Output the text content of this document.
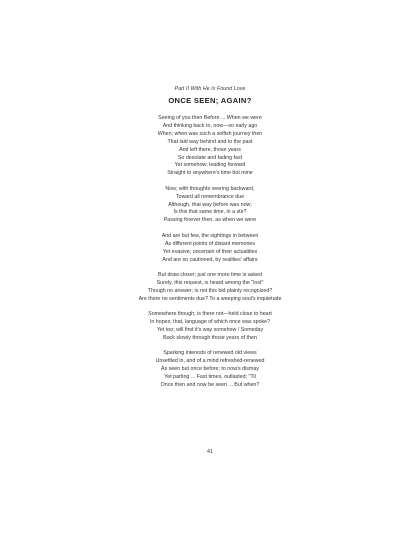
Part II With He Is Found Love
ONCE SEEN; AGAIN?
Seeing of you then Before ... When we were
And thinking back to, now—so early ago
When; when was such a selfish journey then
That laid way behind and to the past
And left there, those years
So desolate and fading fast
Yet somehow; leading forward
Straight to anywhere's time but mine
Now; with thoughts veering backward,
Toward all remembrance due
Although, that way before was now;
Is this that same time, in a stir?
Passing forever then, as when we were
And are but few, the sightings in between
As different points of distant memories
Yet evasive; uncertain of their actualities
And are so cautioned, by realities' affairs
But draw closer; just one more time is asked
Surely, this request, is heard among the "lost"
Though no answer; is not this bid plainly recognized?
Are there no sentiments due? To a weeping soul's inquietude
Somewhere though; is there not—held close to heart
In hopes; that, language of which once was spoke?
Yet too; will find it's way somehow / Someday
Back slowly through those years of then
Sparking interests of renewed old views
Unsettled in, and of a mind refreshed-renewed
As seen but once before; to now's dismay
Yet parting ... Fast times, outlasted; "Til
Once then and now be seen ... But when?
41
